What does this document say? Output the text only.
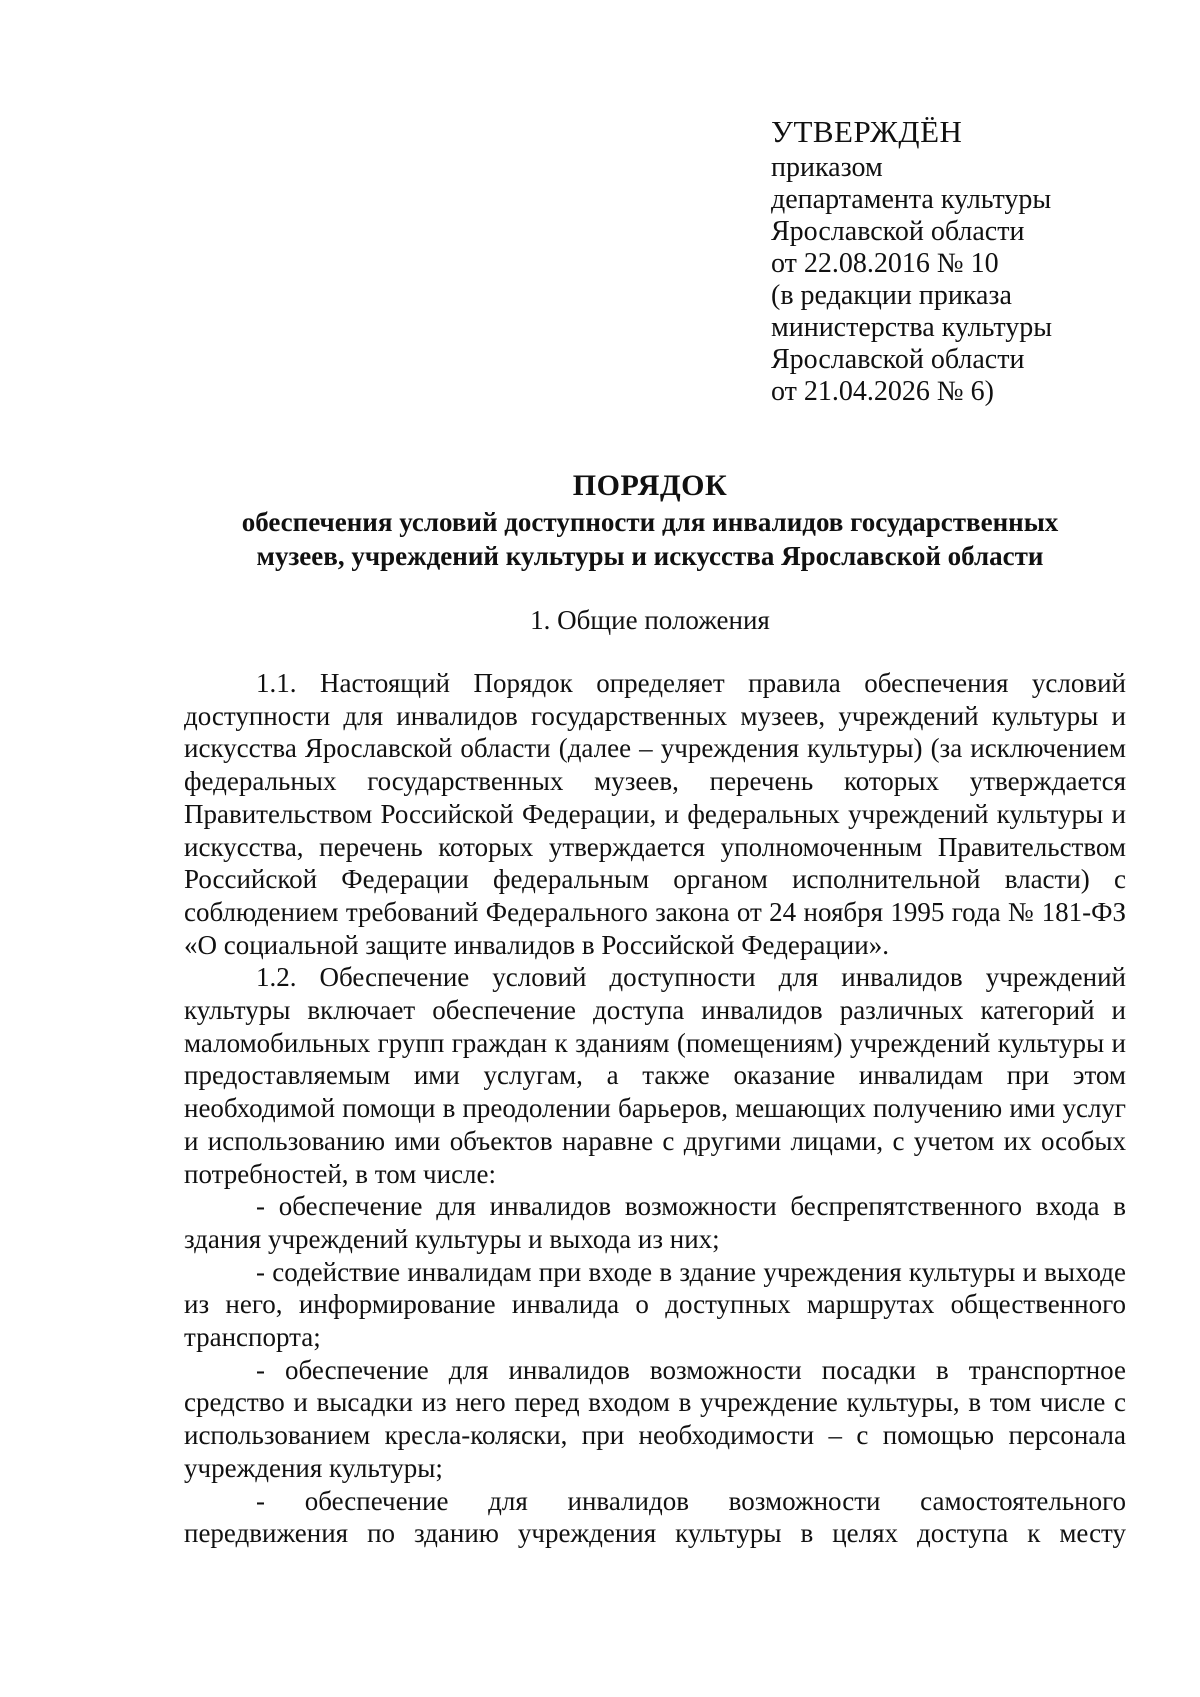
УТВЕРЖДЁН
приказом
департамента культуры
Ярославской области
от 22.08.2016 № 10
(в редакции приказа
министерства культуры
Ярославской области
от 21.04.2026 № 6)
ПОРЯДОК
обеспечения условий доступности для инвалидов государственных
музеев, учреждений культуры и искусства Ярославской области
1. Общие положения

1.1. Настоящий Порядок определяет правила обеспечения условий доступности для инвалидов государственных музеев, учреждений культуры и искусства Ярославской области (далее – учреждения культуры) (за исключением федеральных государственных музеев, перечень которых утверждается Правительством Российской Федерации, и федеральных учреждений культуры и искусства, перечень которых утверждается уполномоченным Правительством Российской Федерации федеральным органом исполнительной власти) с соблюдением требований Федерального закона от 24 ноября 1995 года № 181-ФЗ «О социальной защите инвалидов в Российской Федерации».

1.2. Обеспечение условий доступности для инвалидов учреждений культуры включает обеспечение доступа инвалидов различных категорий и маломобильных групп граждан к зданиям (помещениям) учреждений культуры и предоставляемым ими услугам, а также оказание инвалидам при этом необходимой помощи в преодолении барьеров, мешающих получению ими услуг и использованию ими объектов наравне с другими лицами, с учетом их особых потребностей, в том числе:

- обеспечение для инвалидов возможности беспрепятственного входа в здания учреждений культуры и выхода из них;

- содействие инвалидам при входе в здание учреждения культуры и выходе из него, информирование инвалида о доступных маршрутах общественного транспорта;

- обеспечение для инвалидов возможности посадки в транспортное средство и высадки из него перед входом в учреждение культуры, в том числе с использованием кресла-коляски, при необходимости – с помощью персонала учреждения культуры;

- обеспечение для инвалидов возможности самостоятельного передвижения по зданию учреждения культуры в целях доступа к месту
